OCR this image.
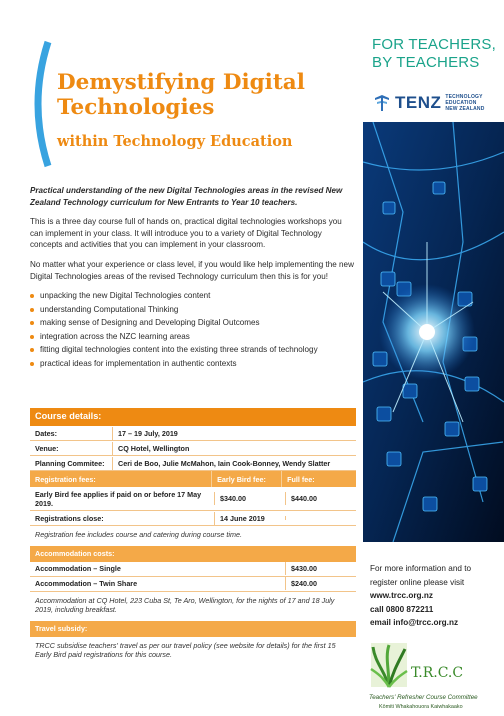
Demystifying Digital
Technologies
within Technology Education

Practical understanding of the new Digital Technologies areas in the revised New Zealand Technology curriculum for New Entrants to Year 10 teachers.

This is a three day course full of hands on, practical digital technologies workshops you can implement in your class. It will introduce you to a variety of Digital Technology concepts and activities that you can implement in your classroom.

No matter what your experience or class level, if you would like help implementing the new Digital Technologies areas of the revised Technology curriculum then this is for you!

unpacking the new Digital Technologies content
understanding Computational Thinking
making sense of Designing and Developing Digital Outcomes
integration across the NZC learning areas
fitting digital technologies content into the existing three strands of technology
practical ideas for implementation in authentic contexts
Course details:
Dates:	17 – 19 July, 2019
Venue:	CQ Hotel, Wellington
Planning Commitee:	Ceri de Boo, Julie McMahon, Iain Cook-Bonney, Wendy Slatter
Registration fees:	Early Bird fee:	Full fee:
Early Bird fee applies if paid on or before 17 May 2019.	$340.00	$440.00
Registrations close:	14 June 2019
Registration fee includes course and catering during course time.
Accommodation costs:
Accommodation – Single	$430.00
Accommodation – Twin Share	$240.00
Accommodation at CQ Hotel, 223 Cuba St, Te Aro, Wellington, for the nights of 17 and 18 July 2019, including breakfast.
Travel subsidy:
TRCC subsidise teachers' travel as per our travel policy (see website for details) for the first 15 Early Bird paid registrations for this course.
FOR TEACHERS,
BY TEACHERS
TENZ TECHNOLOGY
EDUCATION
NEW ZEALAND
For more information and to
register online please visit
www.trcc.org.nz
call 0800 872211
email info@trcc.org.nz
T.R.C.C
Teachers' Refresher Course Committee
Kōmiti Whakahouora Kaiwhakaako
